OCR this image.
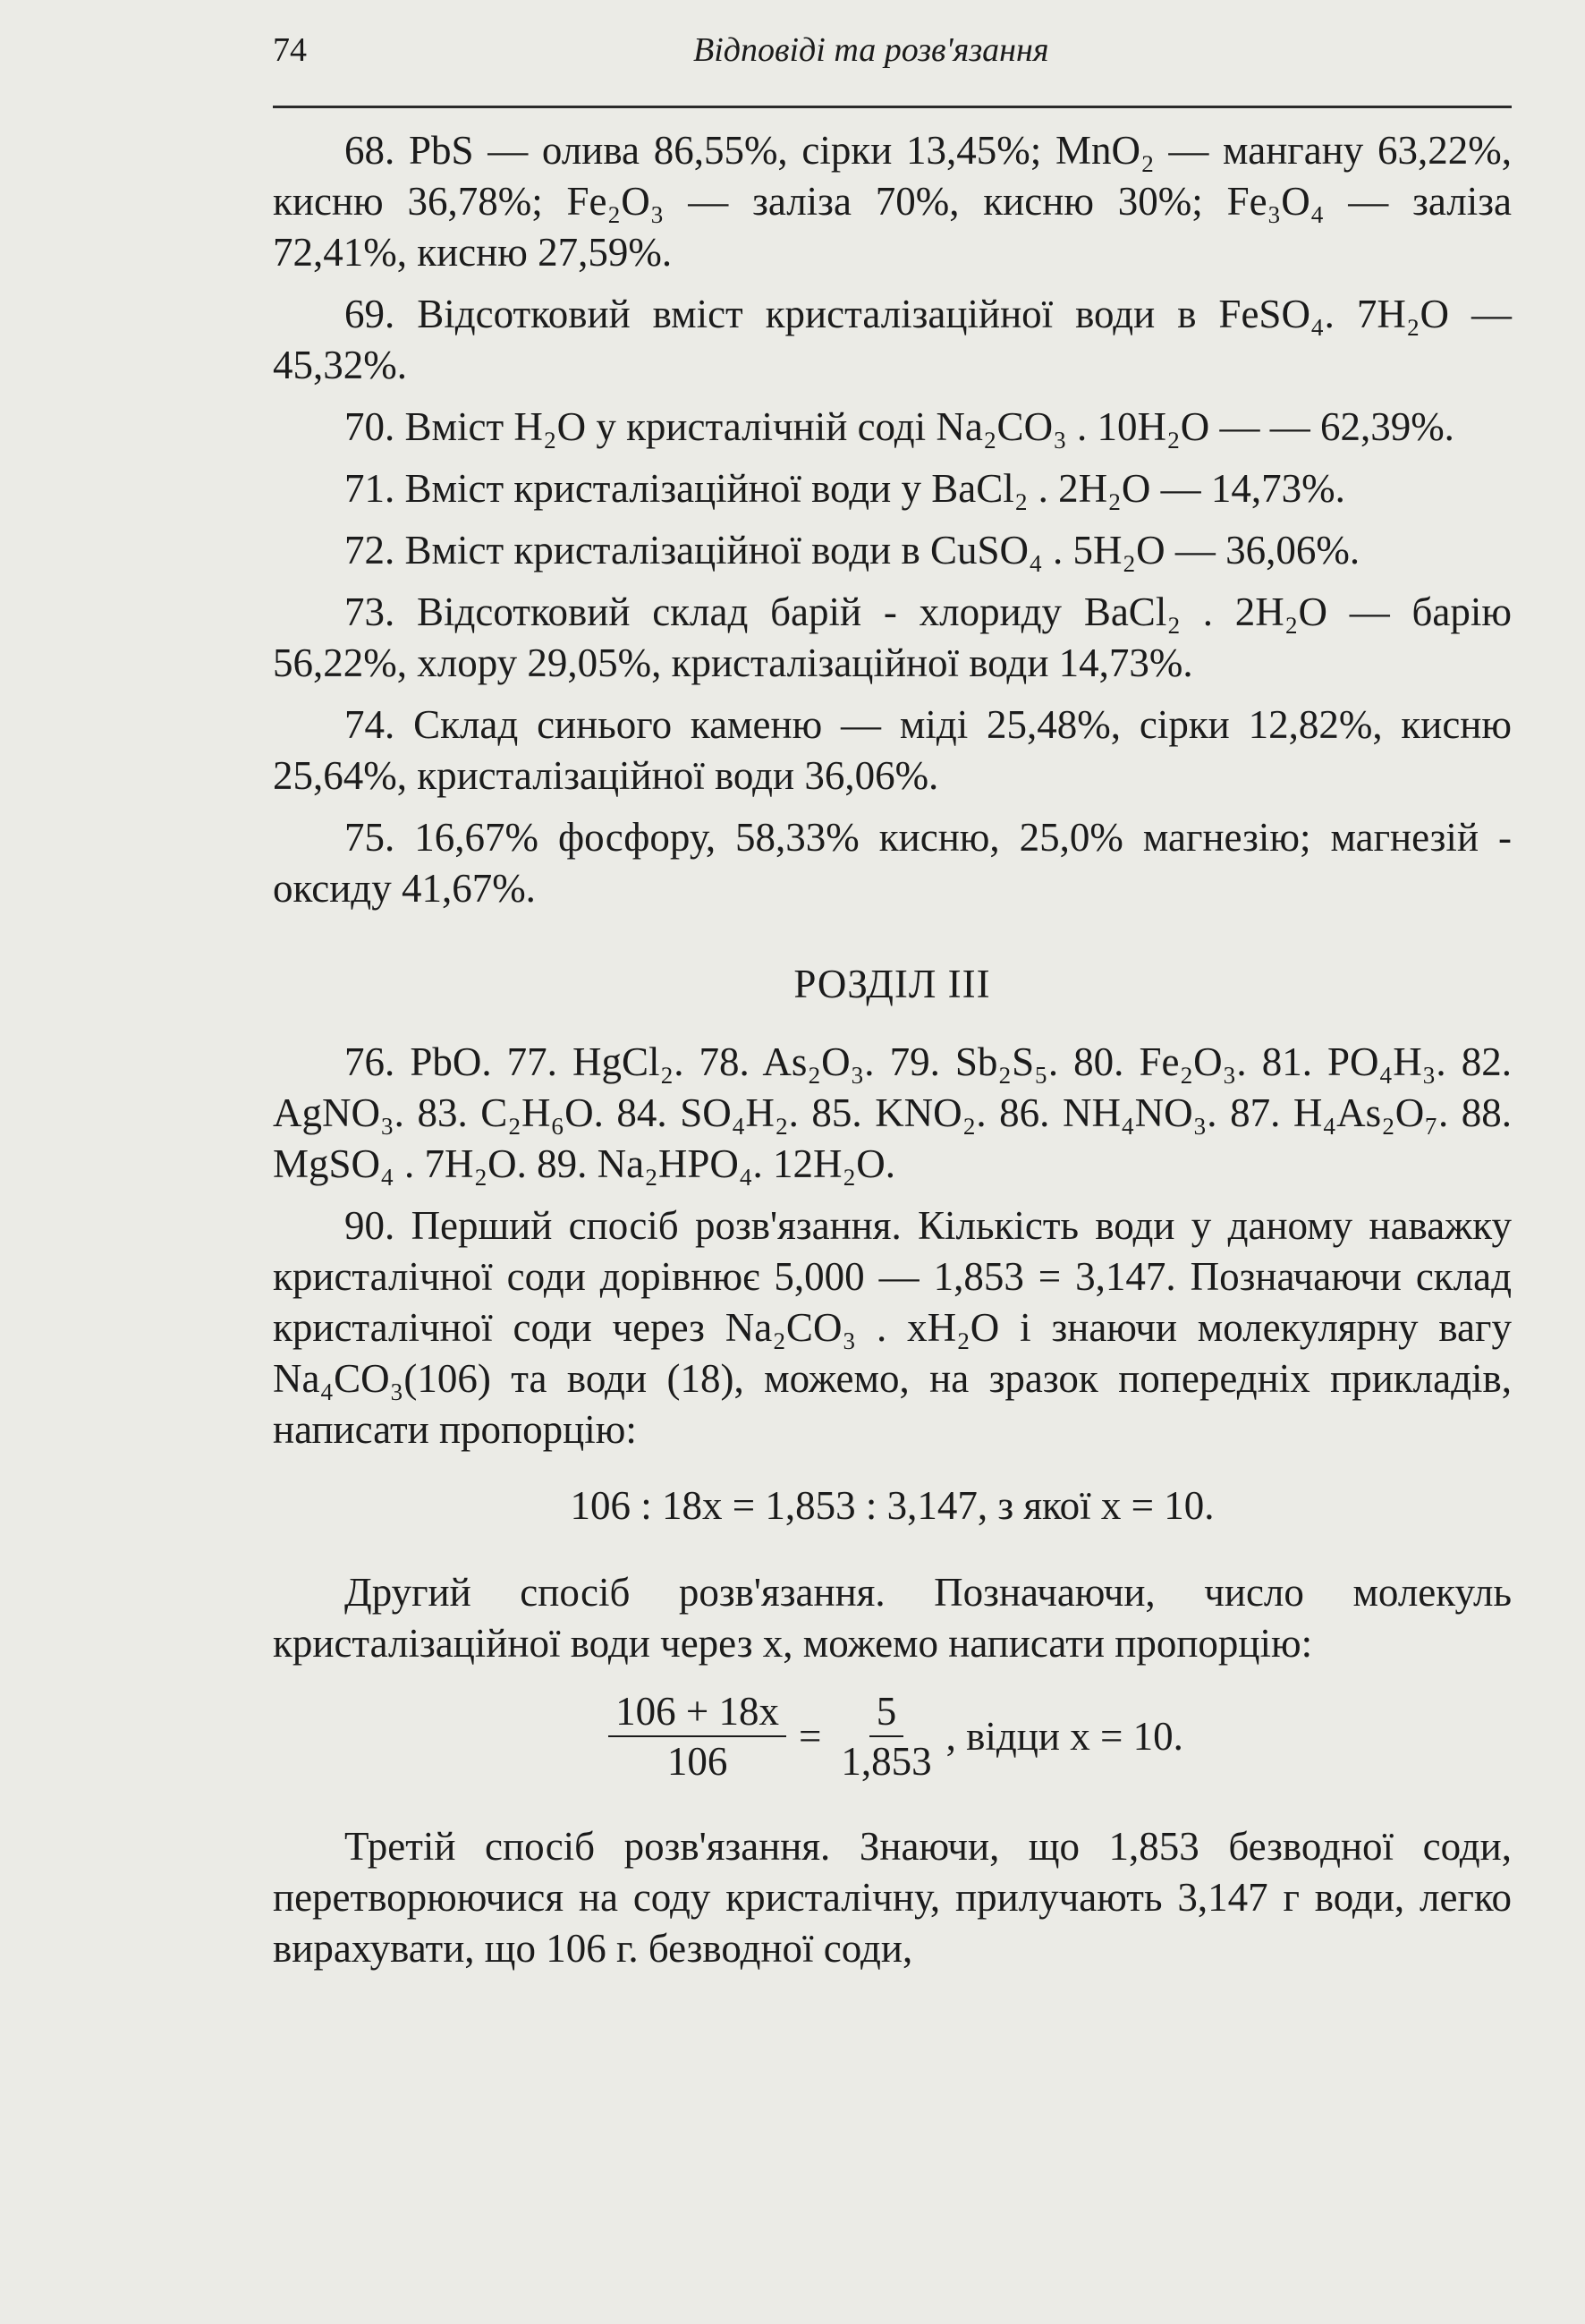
74	Відповіді та розв'язання

68. PbS — олива 86,55%, сірки 13,45%; MnO₂ — мангану 63,22%, кисню 36,78%; Fe₂O₃ — заліза 70%, кисню 30%; Fe₃O₄ — заліза 72,41%, кисню 27,59%.

69. Відсотковий вміст кристалізаційної води в FeSO₄. 7H₂O — 45,32%.

70. Вміст H₂O у кристалічній соді Na₂CO₃ . 10H₂O — — 62,39%.

71. Вміст кристалізаційної води у BaCl₂ . 2H₂O — 14,73%.

72. Вміст кристалізаційної води в CuSO₄ . 5H₂O — 36,06%.

73. Відсотковий склад барій - хлориду BaCl₂ . 2H₂O — барію 56,22%, хлору 29,05%, кристалізаційної води 14,73%.

74. Склад синього каменю — міді 25,48%, сірки 12,82%, кисню 25,64%, кристалізаційної води 36,06%.

75. 16,67% фосфору, 58,33% кисню, 25,0% магнезію; магнезій - оксиду 41,67%.

РОЗДІЛ III

76. PbO. 77. HgCl₂. 78. As₂O₃. 79. Sb₂S₅. 80. Fe₂O₃. 81. PO₄H₃. 82. AgNO₃. 83. C₂H₆O. 84. SO₄H₂. 85. KNO₂. 86. NH₄NO₃. 87. H₄As₂O₇. 88. MgSO₄ . 7H₂O. 89. Na₂HPO₄. 12H₂O.

90. Перший спосіб розв'язання. Кількість води у даному наважку кристалічної соди дорівнює 5,000 — 1,853 = 3,147. Позначаючи склад кристалічної соди через Na₂CO₃ . xH₂O і знаючи молекулярну вагу Na₄CO₃(106) та води (18), можемо, на зразок попередніх прикладів, написати пропорцію:

106 : 18x = 1,853 : 3,147, з якої x = 10.

Другий спосіб розв'язання. Позначаючи, число молекуль кристалізаційної води через x, можемо написати пропорцію:

$\frac{106 + 18x}{106} = \frac{5}{1,853}$ , відци x = 10.

Третій спосіб розв'язання. Знаючи, що 1,853 безводної соди, перетворюючися на соду кристалічну, прилучають 3,147 г води, легко вирахувати, що 106 г. безводної соди,
